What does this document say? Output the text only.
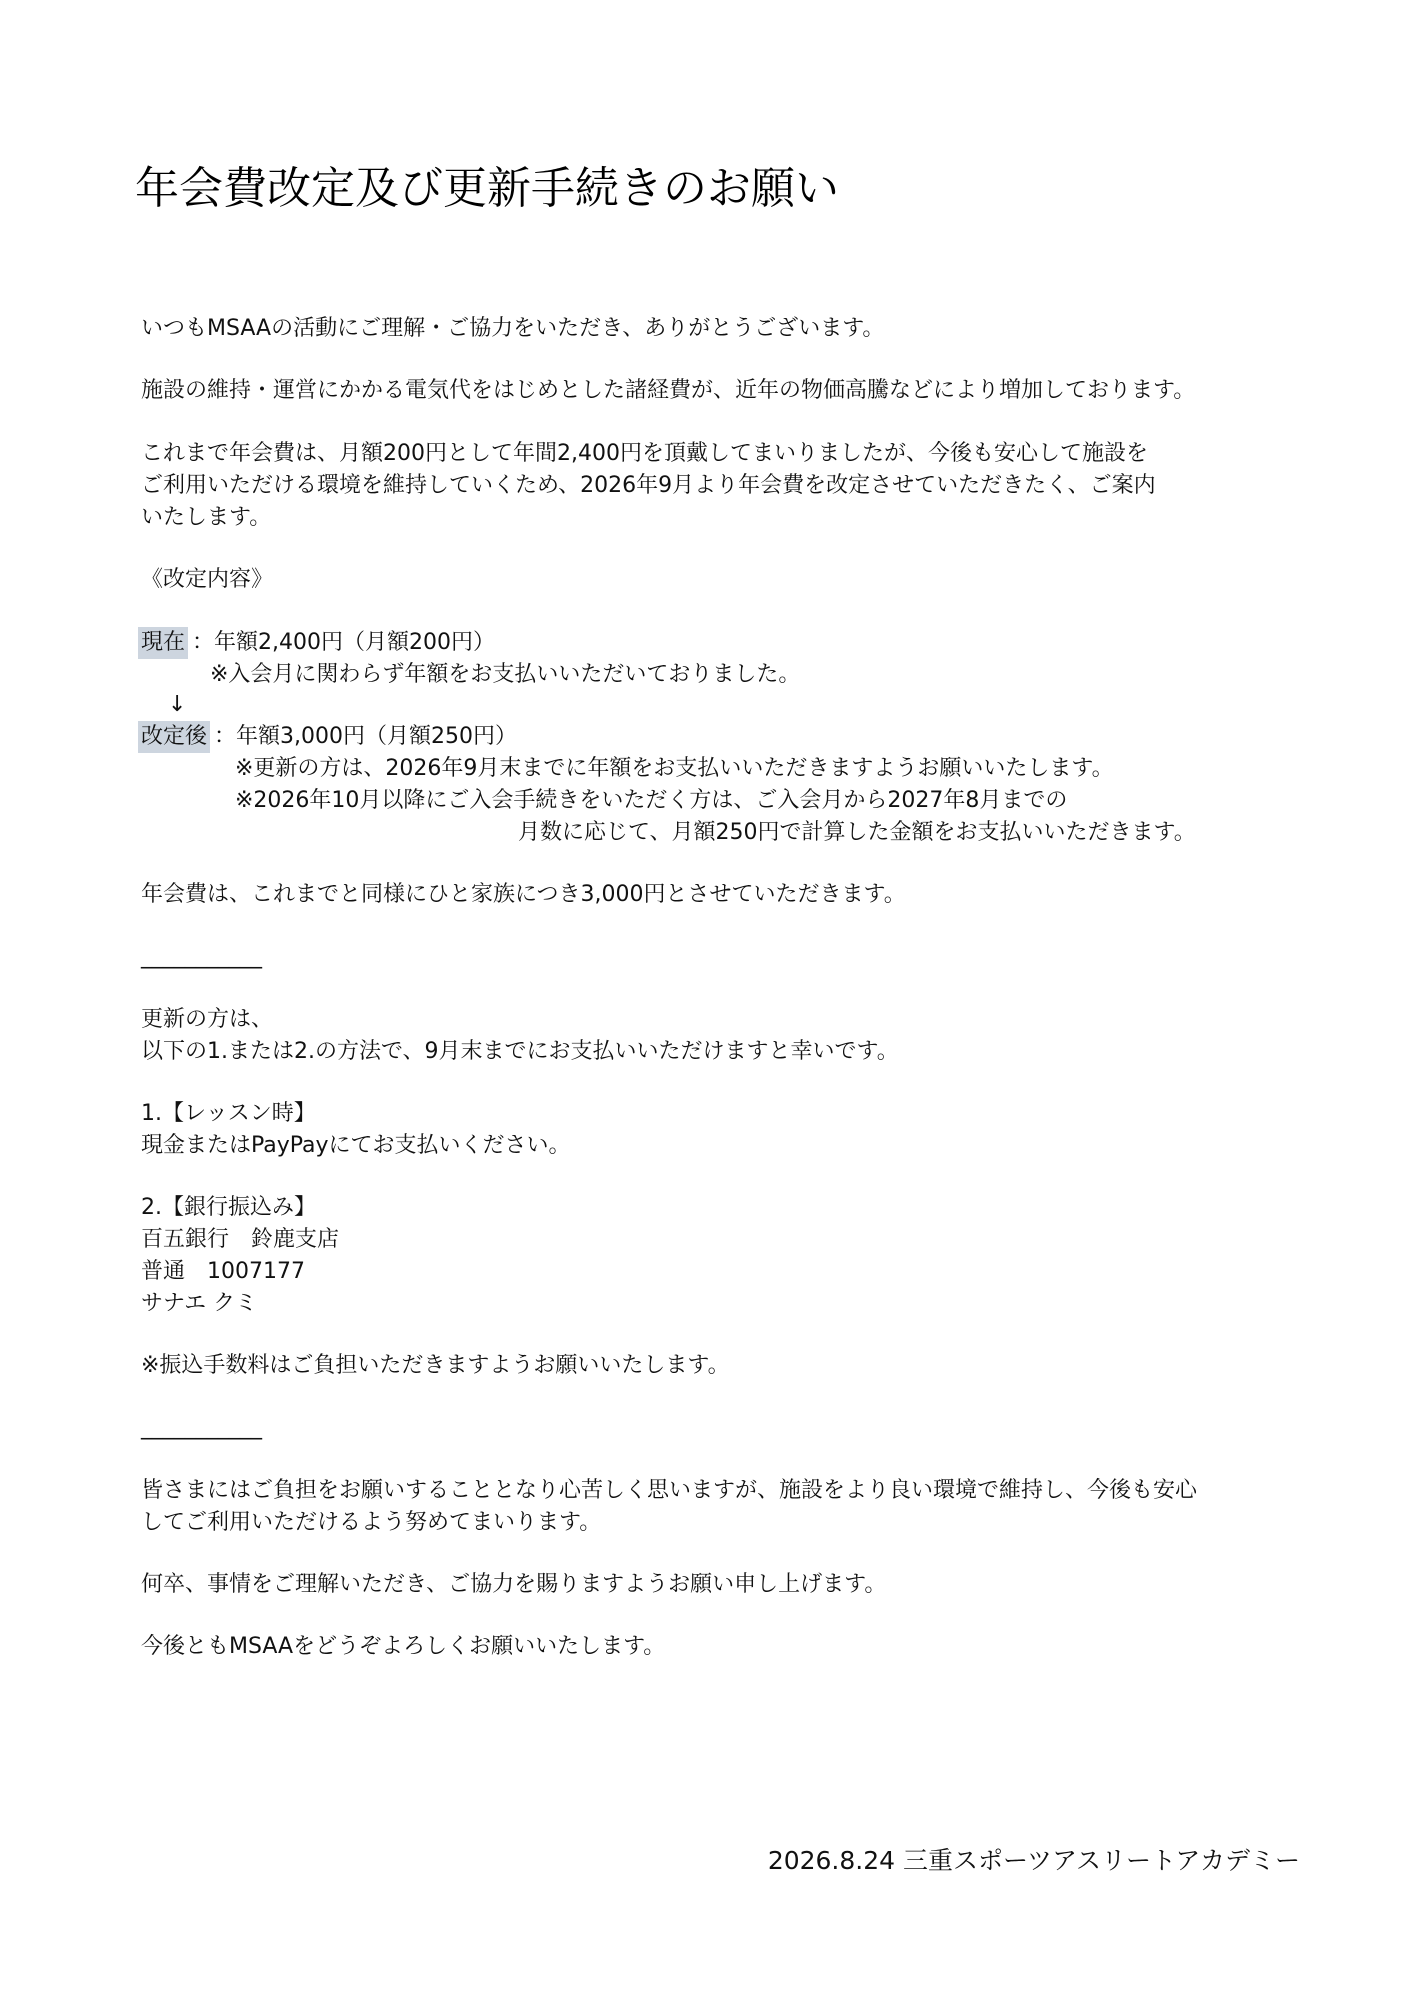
年会費改定及び更新手続きのお願い
いつもMSAAの活動にご理解・ご協力をいただき、ありがとうございます。
施設の維持・運営にかかる電気代をはじめとした諸経費が、近年の物価高騰などにより増加しております。
これまで年会費は、月額200円として年間2,400円を頂戴してまいりましたが、今後も安心して施設を
ご利用いただける環境を維持していくため、2026年9月より年会費を改定させていただきたく、ご案内
いたします。
《改定内容》
現在 ：年額2,400円（月額200円）
※入会月に関わらず年額をお支払いいただいておりました。
↓
改定後 ：年額3,000円（月額250円）
※更新の方は、2026年9月末までに年額をお支払いいただきますようお願いいたします。
※2026年10月以降にご入会手続きをいただく方は、ご入会月から2027年8月までの
月数に応じて、月額250円で計算した金額をお支払いいただきます。
年会費は、これまでと同様にひと家族につき3,000円とさせていただきます。
___________
更新の方は、
以下の1.または2.の方法で、9月末までにお支払いいただけますと幸いです。
1.【レッスン時】
現金またはPayPayにてお支払いください。
2.【銀行振込み】
百五銀行　鈴鹿支店
普通　1007177
サナエ クミ
※振込手数料はご負担いただきますようお願いいたします。
___________
皆さまにはご負担をお願いすることとなり心苦しく思いますが、施設をより良い環境で維持し、今後も安心
してご利用いただけるよう努めてまいります。
何卒、事情をご理解いただき、ご協力を賜りますようお願い申し上げます。
今後ともMSAAをどうぞよろしくお願いいたします。
2026.8.24 三重スポーツアスリートアカデミー
